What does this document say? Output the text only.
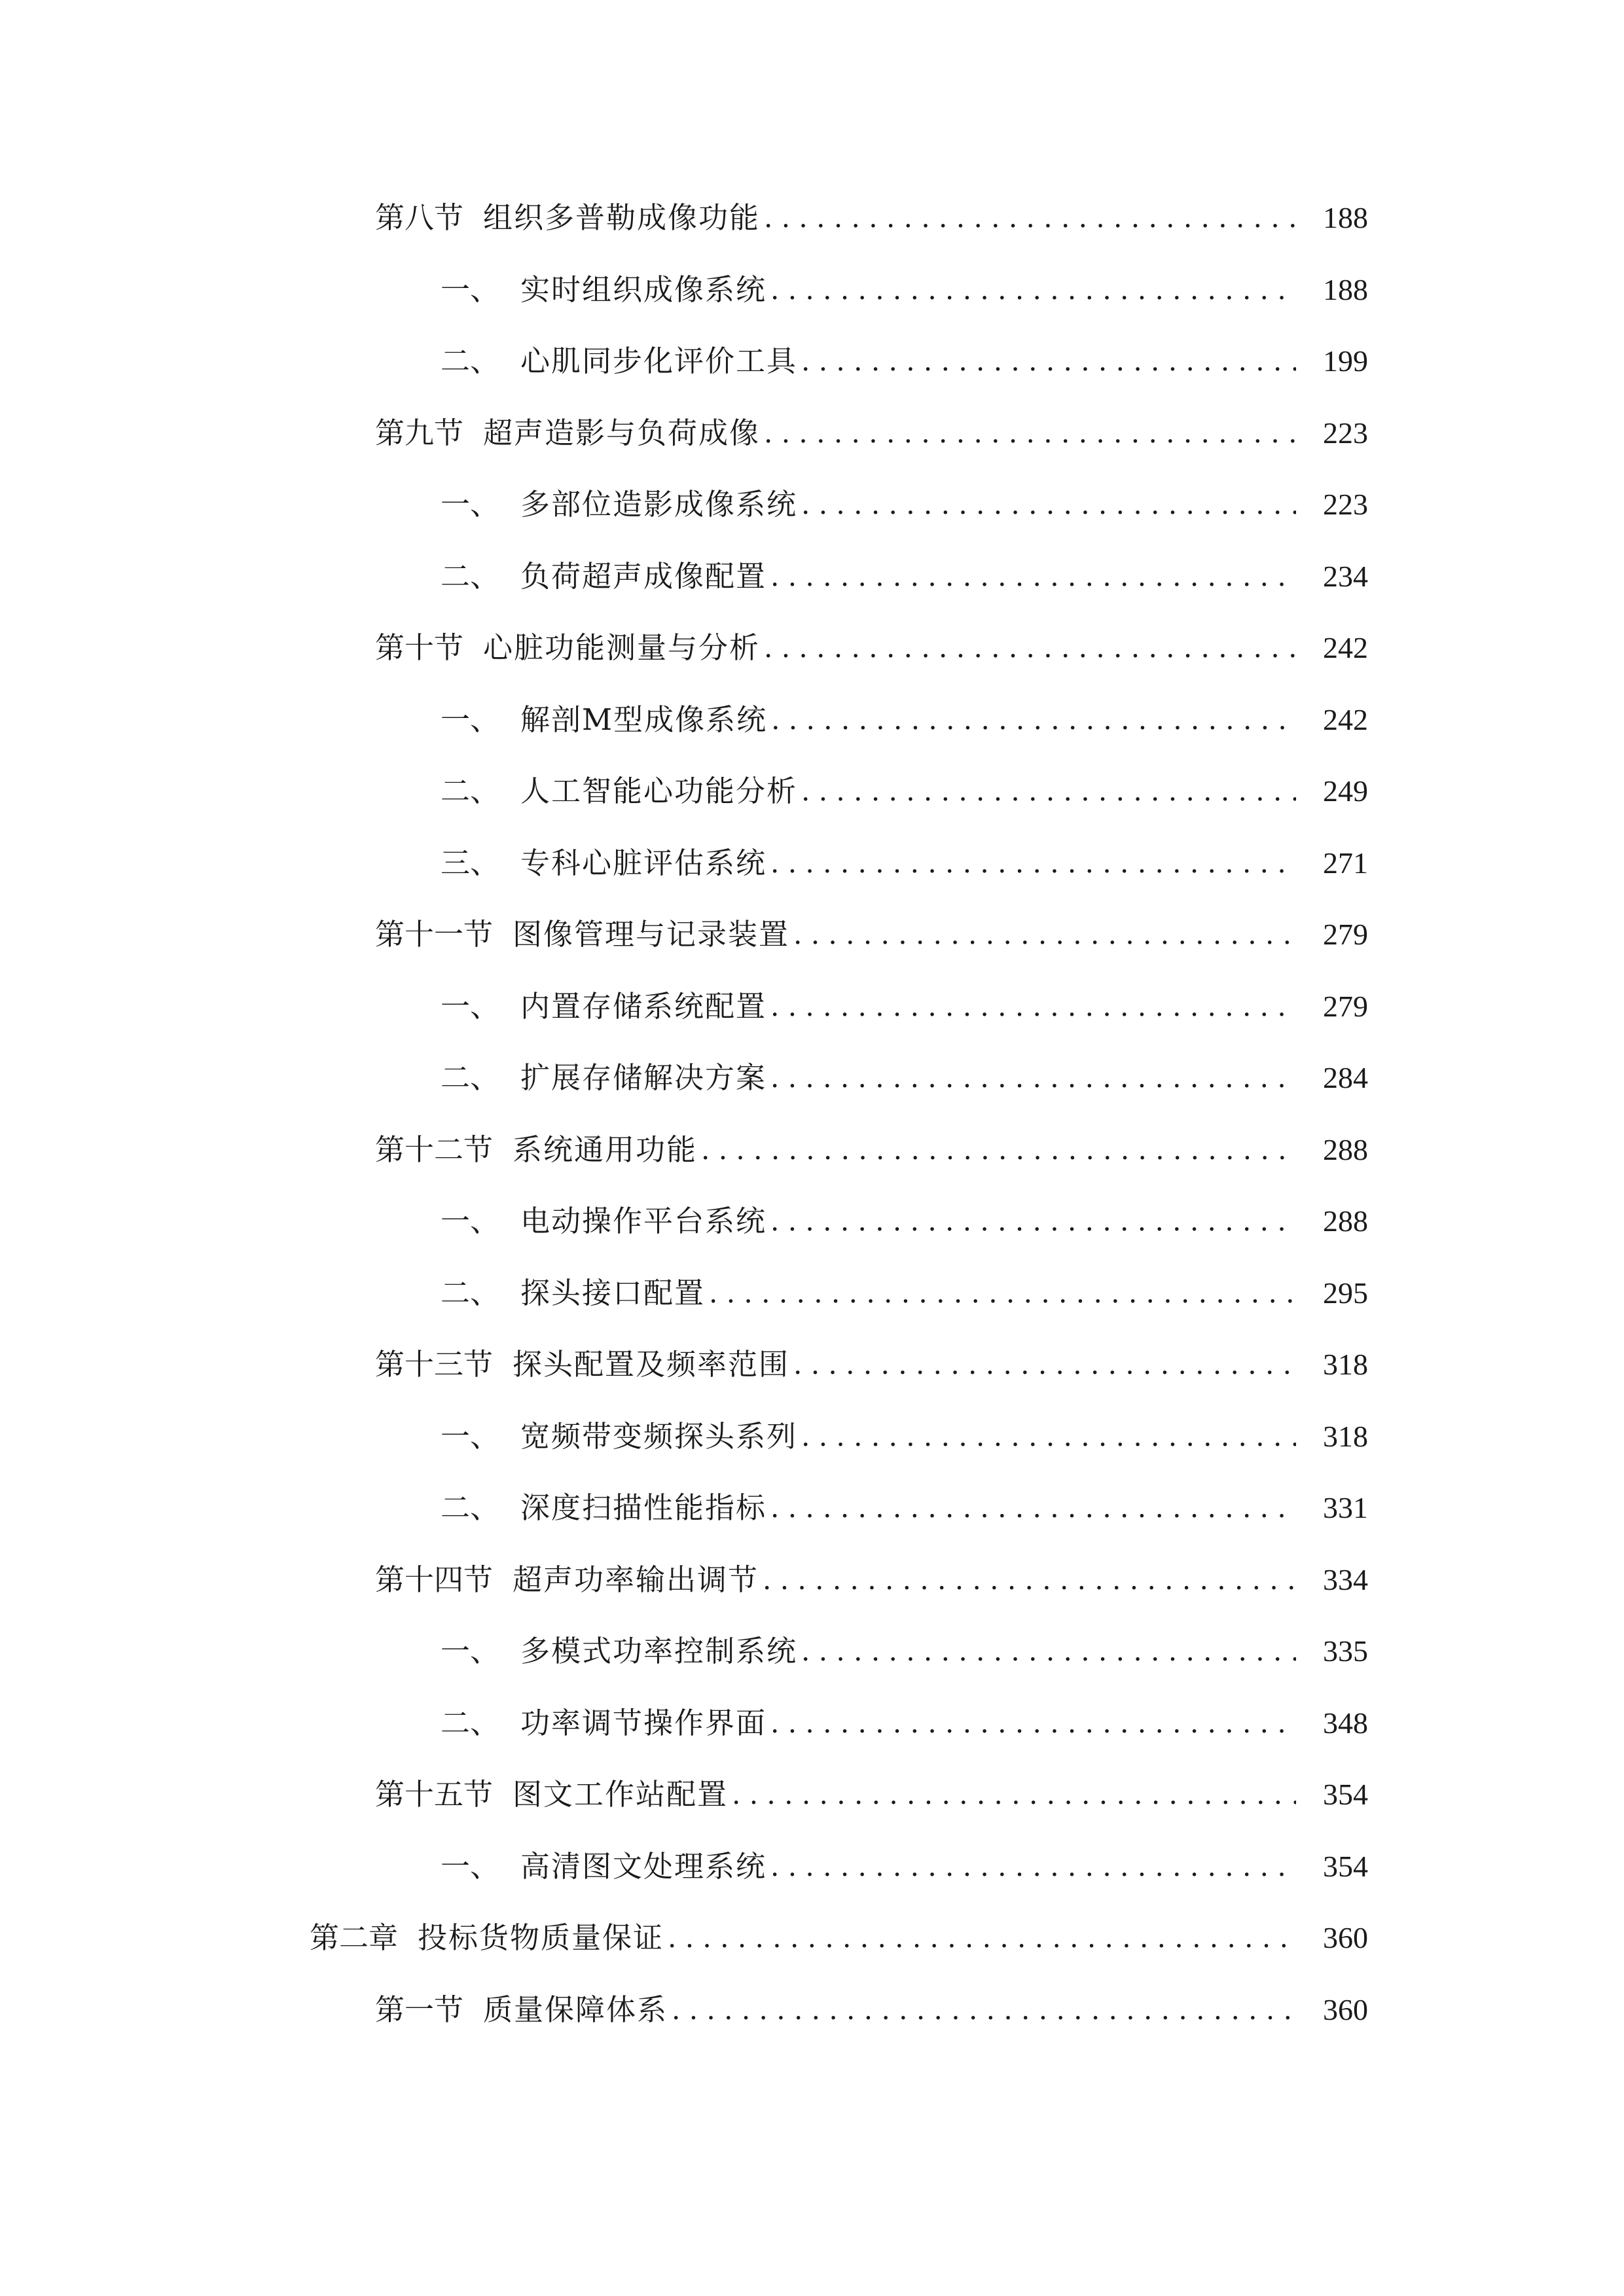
第八节 组织多普勒成像功能 . . .	188
一、 实时组织成像系统 . . .	188
二、 心肌同步化评价工具 . . .	199
第九节 超声造影与负荷成像 . . .	223
一、 多部位造影成像系统 . . .	223
二、 负荷超声成像配置 . . .	234
第十节 心脏功能测量与分析 . . .	242
一、 解剖M型成像系统 . . .	242
二、 人工智能心功能分析 . . .	249
三、 专科心脏评估系统 . . .	271
第十一节 图像管理与记录装置 . . .	279
一、 内置存储系统配置 . . .	279
二、 扩展存储解决方案 . . .	284
第十二节 系统通用功能 . . .	288
一、 电动操作平台系统 . . .	288
二、 探头接口配置 . . .	295
第十三节 探头配置及频率范围 . . .	318
一、 宽频带变频探头系列 . . .	318
二、 深度扫描性能指标 . . .	331
第十四节 超声功率输出调节 . . .	334
一、 多模式功率控制系统 . . .	335
二、 功率调节操作界面 . . .	348
第十五节 图文工作站配置 . . .	354
一、 高清图文处理系统 . . .	354
第二章 投标货物质量保证 . . .	360
第一节 质量保障体系 . . .	360
